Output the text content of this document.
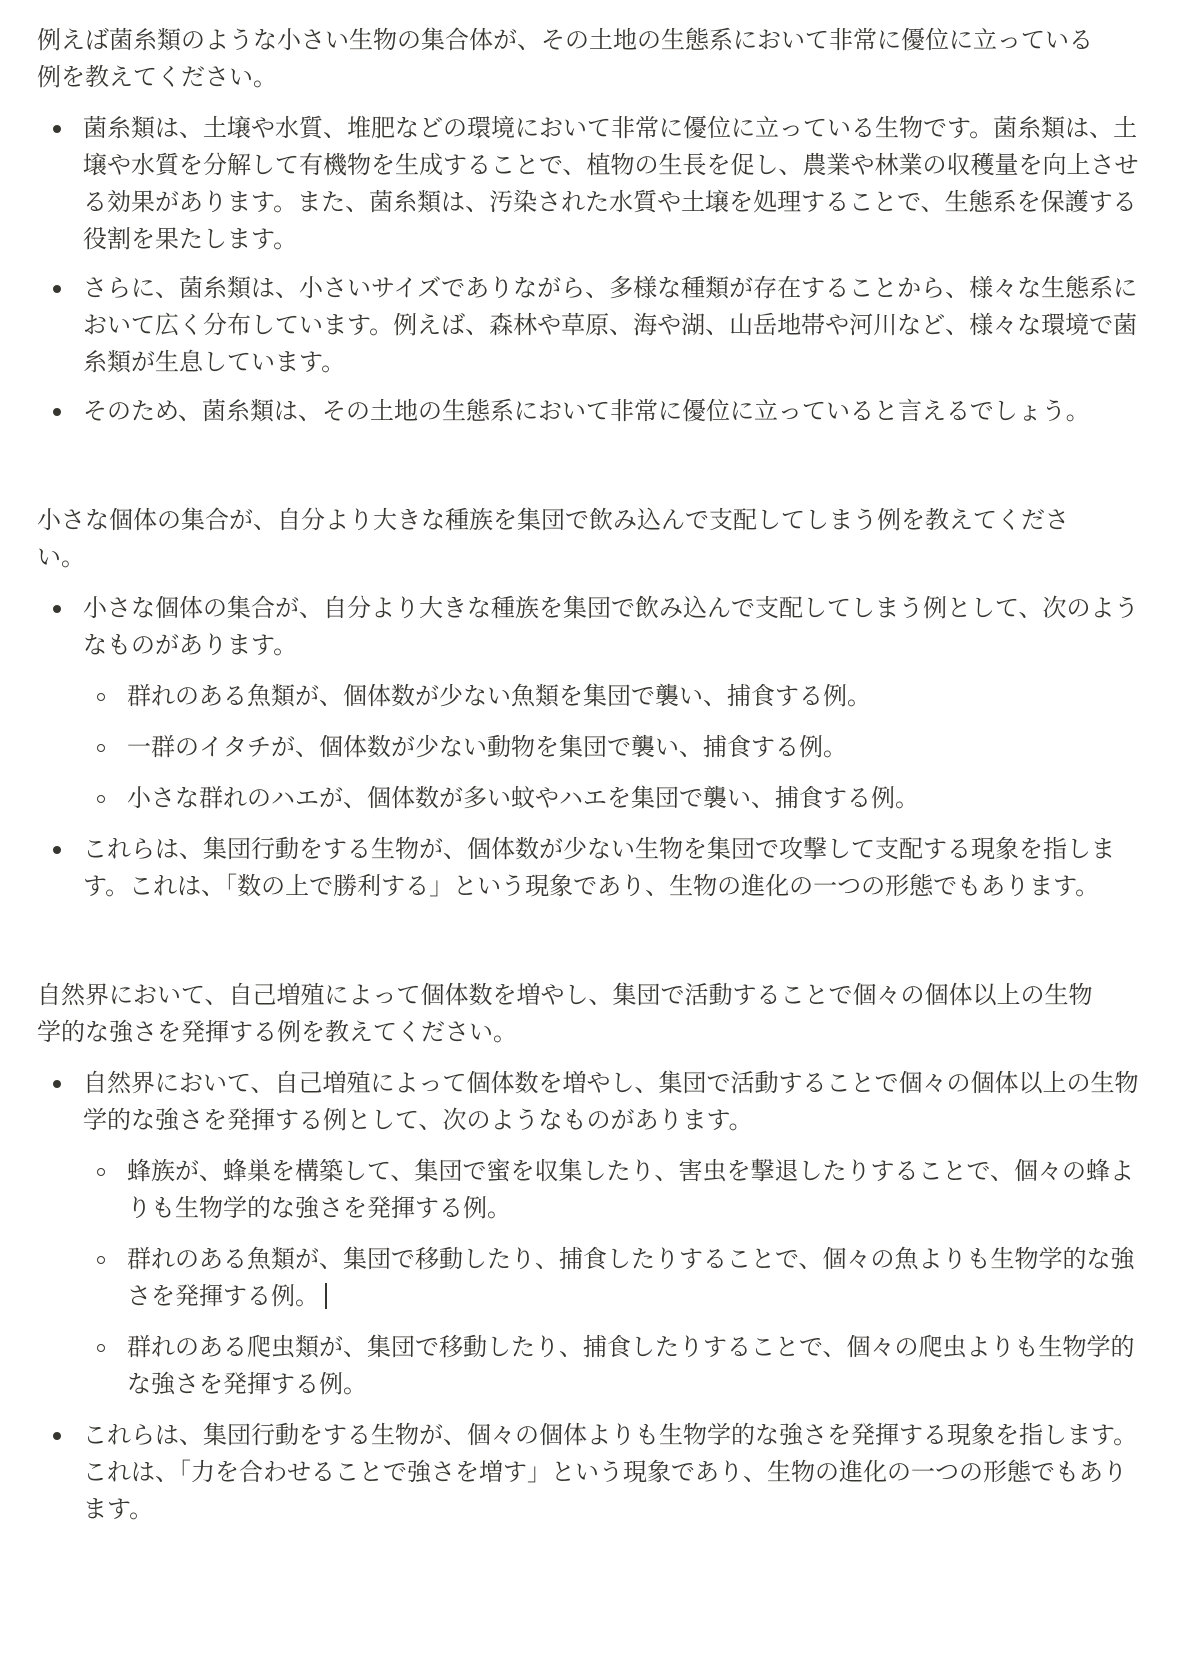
例えば菌糸類のような小さい生物の集合体が、その土地の生態系において非常に優位に立っている例を教えてください。

菌糸類は、土壌や水質、堆肥などの環境において非常に優位に立っている生物です。菌糸類は、土壌や水質を分解して有機物を生成することで、植物の生長を促し、農業や林業の収穫量を向上させる効果があります。また、菌糸類は、汚染された水質や土壌を処理することで、生態系を保護する役割を果たします。
さらに、菌糸類は、小さいサイズでありながら、多様な種類が存在することから、様々な生態系において広く分布しています。例えば、森林や草原、海や湖、山岳地帯や河川など、様々な環境で菌糸類が生息しています。
そのため、菌糸類は、その土地の生態系において非常に優位に立っていると言えるでしょう。

小さな個体の集合が、自分より大きな種族を集団で飲み込んで支配してしまう例を教えてください。

小さな個体の集合が、自分より大きな種族を集団で飲み込んで支配してしまう例として、次のようなものがあります。
群れのある魚類が、個体数が少ない魚類を集団で襲い、捕食する例。
一群のイタチが、個体数が少ない動物を集団で襲い、捕食する例。
小さな群れのハエが、個体数が多い蚊やハエを集団で襲い、捕食する例。
これらは、集団行動をする生物が、個体数が少ない生物を集団で攻撃して支配する現象を指します。これは、「数の上で勝利する」という現象であり、生物の進化の一つの形態でもあります。

自然界において、自己増殖によって個体数を増やし、集団で活動することで個々の個体以上の生物学的な強さを発揮する例を教えてください。

自然界において、自己増殖によって個体数を増やし、集団で活動することで個々の個体以上の生物学的な強さを発揮する例として、次のようなものがあります。
蜂族が、蜂巣を構築して、集団で蜜を収集したり、害虫を撃退したりすることで、個々の蜂よりも生物学的な強さを発揮する例。
群れのある魚類が、集団で移動したり、捕食したりすることで、個々の魚よりも生物学的な強さを発揮する例。
群れのある爬虫類が、集団で移動したり、捕食したりすることで、個々の爬虫よりも生物学的な強さを発揮する例。
これらは、集団行動をする生物が、個々の個体よりも生物学的な強さを発揮する現象を指します。これは、「力を合わせることで強さを増す」という現象であり、生物の進化の一つの形態でもあります。
